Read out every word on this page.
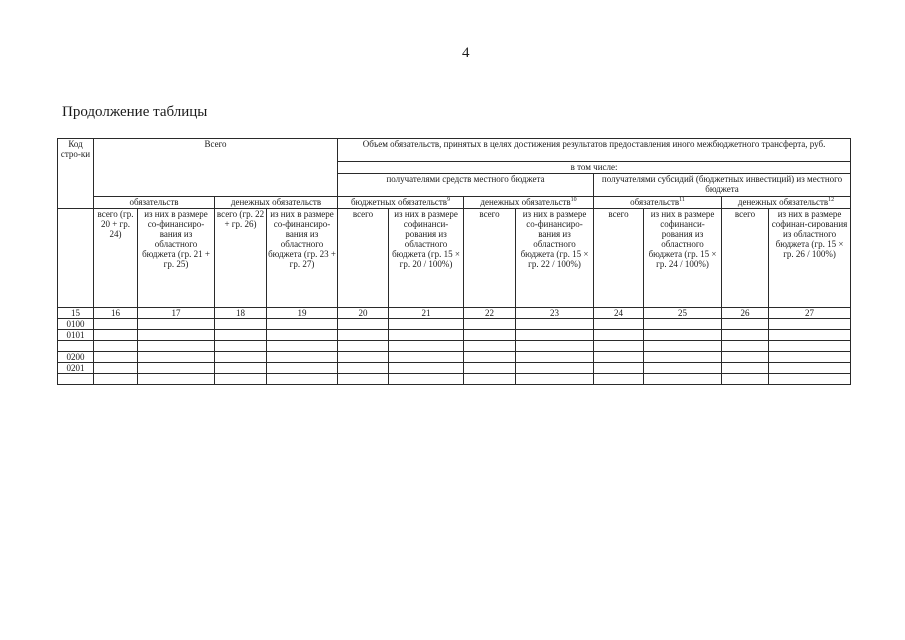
4
Продолжение таблицы
Код стро-ки	Всего				Объем обязательств, принятых в целях достижения результатов предоставления иного межбюджетного трансферта, руб.							
					в том числе:							
					получателями средств местного бюджета				получателями субсидий (бюджетных инвестиций) из местного бюджета			
	обязательств		денежных обязательств		бюджетных обязательств$^9$		денежных обязательств$^{10}$		обязательств$^{11}$		денежных обязательств$^{12}$
	всего (гр. 20 + гр. 24)	из них в размере со-финансиро-вания из областного бюджета (гр. 21 + гр. 25)	всего (гр. 22 + гр. 26)	из них в размере со-финансиро-вания из областного бюджета (гр. 23 + гр. 27)	всего	из них в размере софинанси-рования из областного бюджета (гр. 15 × гр. 20 / 100%)	всего	из них в размере со-финансиро-вания из областного бюджета (гр. 15 × гр. 22 / 100%)	всего	из них в размере софинанси-рования из областного бюджета (гр. 15 × гр. 24 / 100%)	всего	из них в размере софинан-сирования из областного бюджета (гр. 15 × гр. 26 / 100%)
15	16	17	18	19	20	21	22	23	24	25	26	27
0100												
0101												

0200												
0201												
